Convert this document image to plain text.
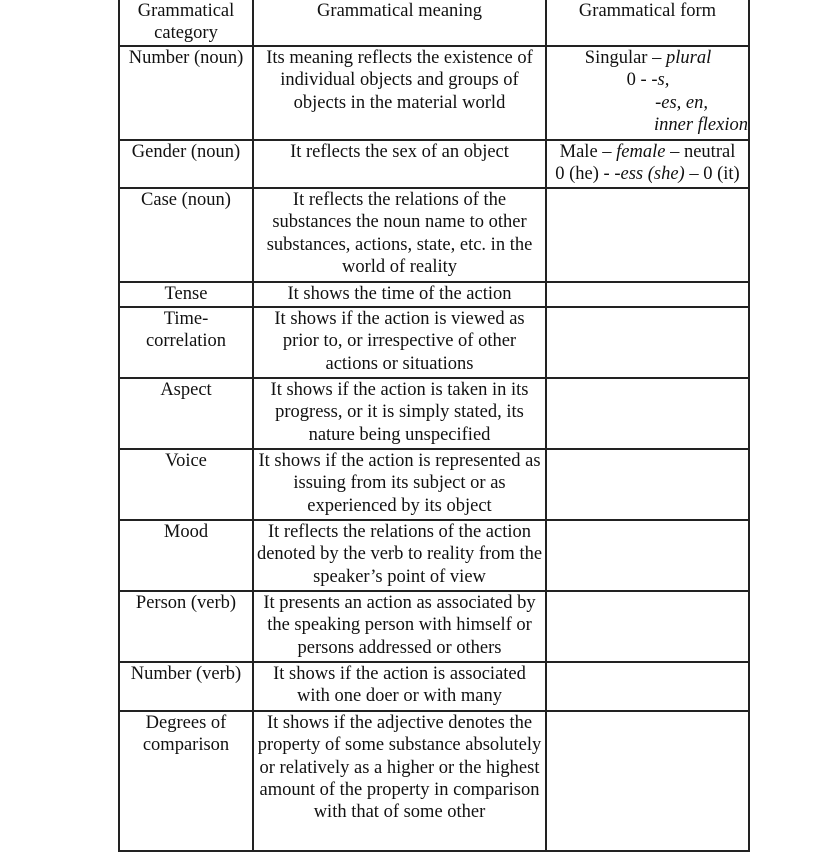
Grammatical category	Grammatical meaning	Grammatical form
Number (noun)	Its meaning reflects the existence of individual objects and groups of objects in the material world	Singular – plural
0 - -s,
-es, en,
inner flexion

Gender (noun)	It reflects the sex of an object	Male – female – neutral
0 (he) - -ess (she) – 0 (it)

Case (noun)	It reflects the relations of the substances the noun name to other substances, actions, state, etc. in the world of reality	
Tense	It shows the time of the action	
Time-
correlation	It shows if the action is viewed as prior to, or irrespective of other actions or situations	
Aspect	It shows if the action is taken in its progress, or it is simply stated, its nature being unspecified	
Voice	It shows if the action is represented as issuing from its subject or as experienced by its object	
Mood	It reflects the relations of the action denoted by the verb to reality from the speaker’s point of view	
Person (verb)	It presents an action as associated by the speaking person with himself or persons addressed or others	
Number (verb)	It shows if the action is associated with one doer or with many	
Degrees of comparison	It shows if the adjective denotes the property of some substance absolutely or relatively as a higher or the highest amount of the property in comparison with that of some other	
